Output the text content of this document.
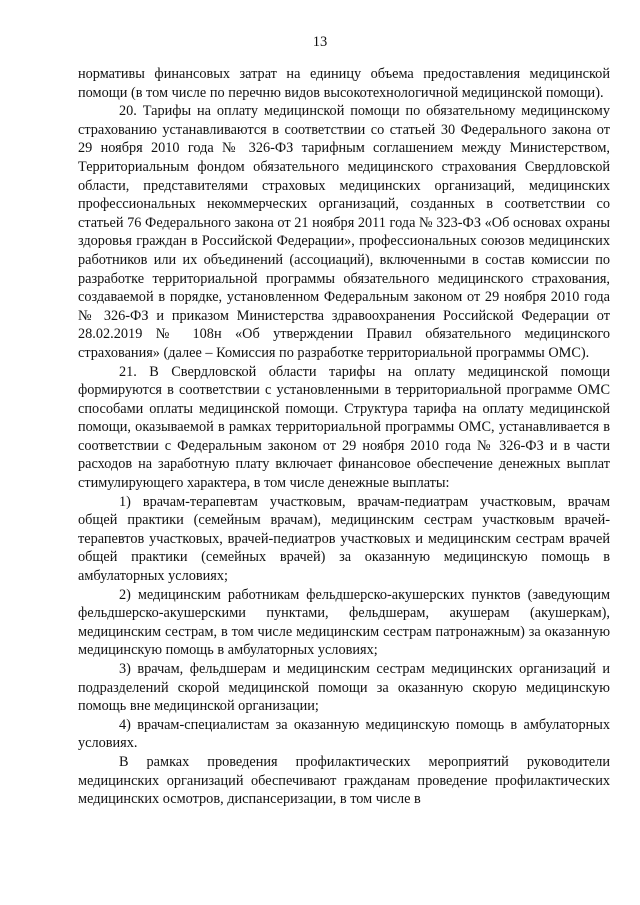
13

нормативы финансовых затрат на единицу объема предоставления медицинской помощи (в том числе по перечню видов высокотехнологичной медицинской помощи).

20. Тарифы на оплату медицинской помощи по обязательному медицинскому страхованию устанавливаются в соответствии со статьей 30 Федерального закона от 29 ноября 2010 года № 326-ФЗ тарифным соглашением между Министерством, Территориальным фондом обязательного медицинского страхования Свердловской области, представителями страховых медицинских организаций, медицинских профессиональных некоммерческих организаций, созданных в соответствии со статьей 76 Федерального закона от 21 ноября 2011 года № 323-ФЗ «Об основах охраны здоровья граждан в Российской Федерации», профессиональных союзов медицинских работников или их объединений (ассоциаций), включенными в состав комиссии по разработке территориальной программы обязательного медицинского страхования, создаваемой в порядке, установленном Федеральным законом от 29 ноября 2010 года № 326-ФЗ и приказом Министерства здравоохранения Российской Федерации от 28.02.2019 № 108н «Об утверждении Правил обязательного медицинского страхования» (далее – Комиссия по разработке территориальной программы ОМС).

21. В Свердловской области тарифы на оплату медицинской помощи формируются в соответствии с установленными в территориальной программе ОМС способами оплаты медицинской помощи. Структура тарифа на оплату медицинской помощи, оказываемой в рамках территориальной программы ОМС, устанавливается в соответствии с Федеральным законом от 29 ноября 2010 года № 326-ФЗ и в части расходов на заработную плату включает финансовое обеспечение денежных выплат стимулирующего характера, в том числе денежные выплаты:

1) врачам-терапевтам участковым, врачам-педиатрам участковым, врачам общей практики (семейным врачам), медицинским сестрам участковым врачей-терапевтов участковых, врачей-педиатров участковых и медицинским сестрам врачей общей практики (семейных врачей) за оказанную медицинскую помощь в амбулаторных условиях;

2) медицинским работникам фельдшерско-акушерских пунктов (заведующим фельдшерско-акушерскими пунктами, фельдшерам, акушерам (акушеркам), медицинским сестрам, в том числе медицинским сестрам патронажным) за оказанную медицинскую помощь в амбулаторных условиях;

3) врачам, фельдшерам и медицинским сестрам медицинских организаций и подразделений скорой медицинской помощи за оказанную скорую медицинскую помощь вне медицинской организации;

4) врачам-специалистам за оказанную медицинскую помощь в амбулаторных условиях.

В рамках проведения профилактических мероприятий руководители медицинских организаций обеспечивают гражданам проведение профилактических медицинских осмотров, диспансеризации, в том числе в
